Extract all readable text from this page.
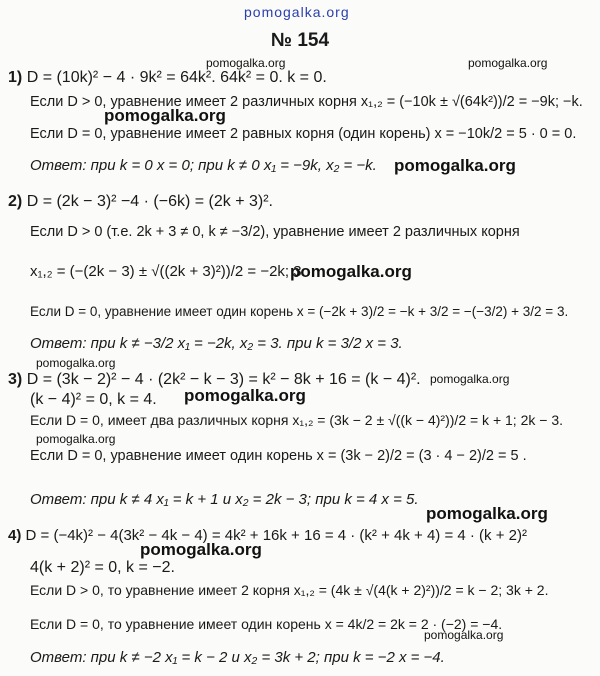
pomogalka.org
№ 154
1) D = (10k)² − 4 · 9k² = 64k². 64k² = 0. k = 0.
Если D > 0, уравнение имеет 2 различных корня x₁,₂ = (−10k ± √(64k²))/2 = −9k; −k.
Если D = 0, уравнение имеет 2 равных корня (один корень) x = −10k/2 = 5 · 0 = 0.
Ответ: при k = 0 x = 0; при k ≠ 0 x₁ = −9k, x₂ = −k.
2) D = (2k − 3)² −4 · (−6k) = (2k + 3)².
Если D > 0 (т.е. 2k + 3 ≠ 0, k ≠ −3/2), уравнение имеет 2 различных корня
x₁,₂ = (−(2k − 3) ± √((2k + 3)²))/2 = −2k; 3.
Если D = 0, уравнение имеет один корень x = (−2k + 3)/2 = −k + 3/2 = −(−3/2) + 3/2 = 3.
Ответ: при k ≠ −3/2 x₁ = −2k, x₂ = 3. при k = 3/2 x = 3.
3) D = (3k − 2)² − 4 · (2k² − k − 3) = k² − 8k + 16 = (k − 4)².
(k − 4)² = 0, k = 4.
Если D = 0, имеет два различных корня x₁,₂ = (3k − 2 ± √((k − 4)²))/2 = k + 1; 2k − 3.
Если D = 0, уравнение имеет один корень x = (3k − 2)/2 = (3 · 4 − 2)/2 = 5 .
Ответ: при k ≠ 4 x₁ = k + 1 и x₂ = 2k − 3; при k = 4 x = 5.
4) D = (−4k)² − 4(3k² − 4k − 4) = 4k² + 16k + 16 = 4 · (k² + 4k + 4) = 4 · (k + 2)²
4(k + 2)² = 0, k = −2.
Если D > 0, то уравнение имеет 2 корня x₁,₂ = (4k ± √(4(k + 2)²))/2 = k − 2; 3k + 2.
Если D = 0, то уравнение имеет один корень x = 4k/2 = 2k = 2 · (−2) = −4.
Ответ: при k ≠ −2 x₁ = k − 2 и x₂ = 3k + 2; при k = −2 x = −4.
pomogalka.org
pomogalka.org
pomogalka.org
pomogalka.org
pomogalka.org
pomogalka.org
pomogalka.org
pomogalka.org
pomogalka.org
pomogalka.org
pomogalka.org
pomogalka.org
